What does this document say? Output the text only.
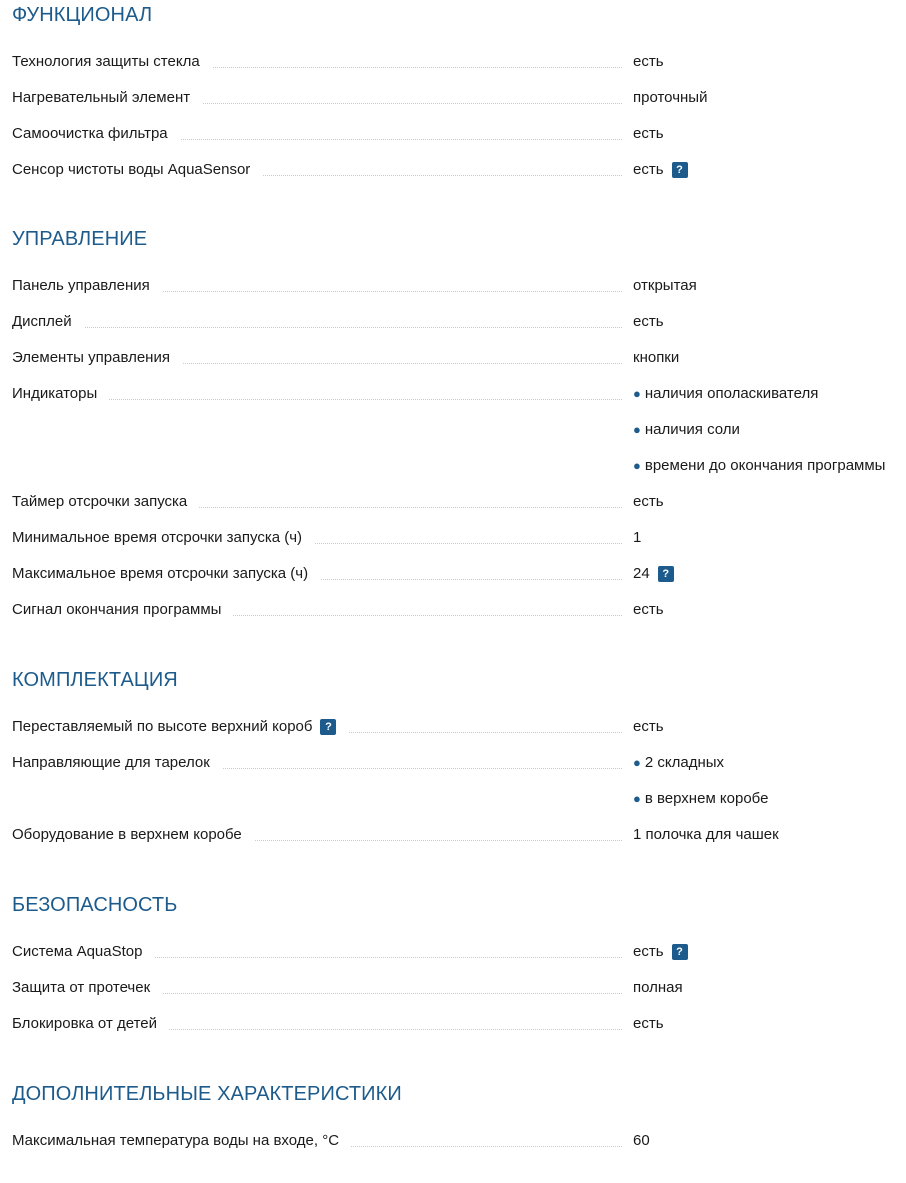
ФУНКЦИОНАЛ
Технология защиты стекла	есть
Нагревательный элемент	проточный
Самоочистка фильтра	есть
Сенсор чистоты воды AquaSensor	есть ?
УПРАВЛЕНИЕ
Панель управления	открытая
Дисплей	есть
Элементы управления	кнопки
Индикаторы	● наличия ополаскивателя
● наличия соли
● времени до окончания программы
Таймер отсрочки запуска	есть
Минимальное время отсрочки запуска (ч)	1
Максимальное время отсрочки запуска (ч)	24 ?
Сигнал окончания программы	есть
КОМПЛЕКТАЦИЯ
Переставляемый по высоте верхний короб ?	есть
Направляющие для тарелок	● 2 складных
● в верхнем коробе
Оборудование в верхнем коробе	1 полочка для чашек
БЕЗОПАСНОСТЬ
Система AquaStop	есть ?
Защита от протечек	полная
Блокировка от детей	есть
ДОПОЛНИТЕЛЬНЫЕ ХАРАКТЕРИСТИКИ
Максимальная температура воды на входе, °C	60
